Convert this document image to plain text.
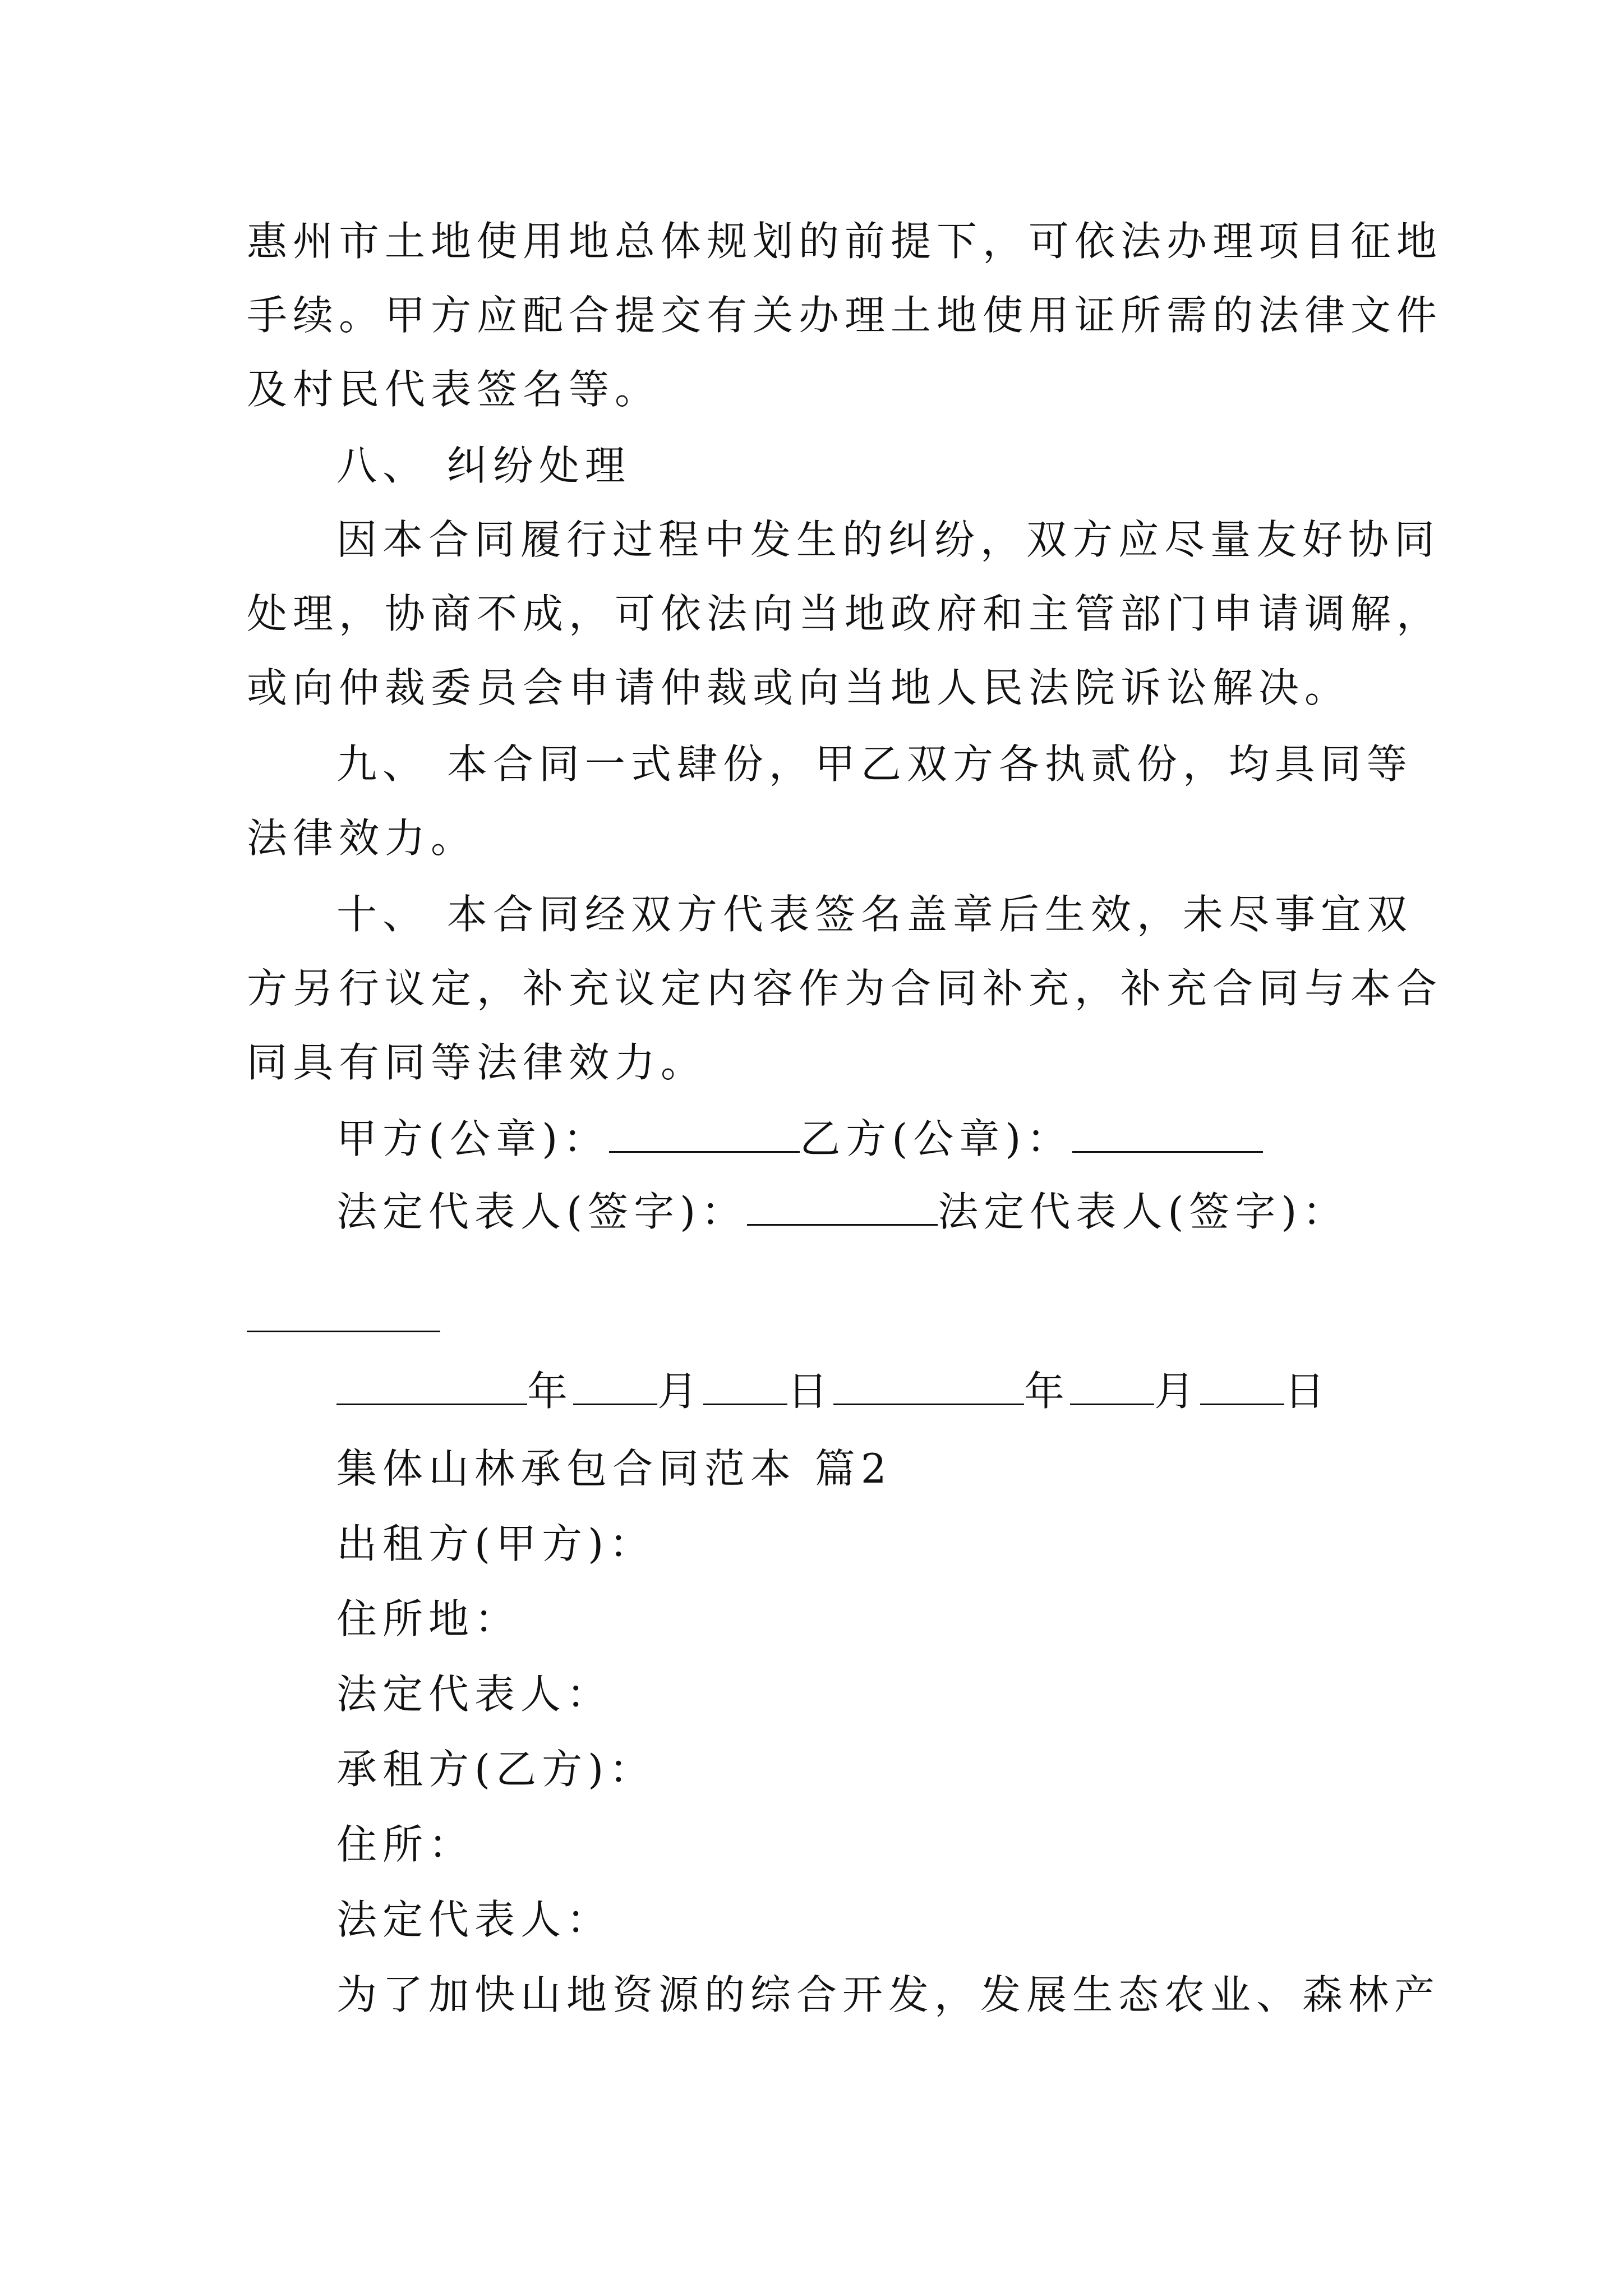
惠州市土地使用地总体规划的前提下，可依法办理项目征地
手续。甲方应配合提交有关办理土地使用证所需的法律文件
及村民代表签名等。
八、 纠纷处理
因本合同履行过程中发生的纠纷，双方应尽量友好协同
处理，协商不成，可依法向当地政府和主管部门申请调解，
或向仲裁委员会申请仲裁或向当地人民法院诉讼解决。
九、 本合同一式肆份，甲乙双方各执贰份，均具同等
法律效力。
十、 本合同经双方代表签名盖章后生效，未尽事宜双
方另行议定，补充议定内容作为合同补充，补充合同与本合
同具有同等法律效力。
甲方(公章)：	乙方(公章)：
法定代表人(签字)：	法定代表人(签字)：
年 月 日	年 月 日
集体山林承包合同范本 篇2
出租方(甲方)：
住所地：
法定代表人：
承租方(乙方)：
住所：
法定代表人：
为了加快山地资源的综合开发，发展生态农业、森林产
